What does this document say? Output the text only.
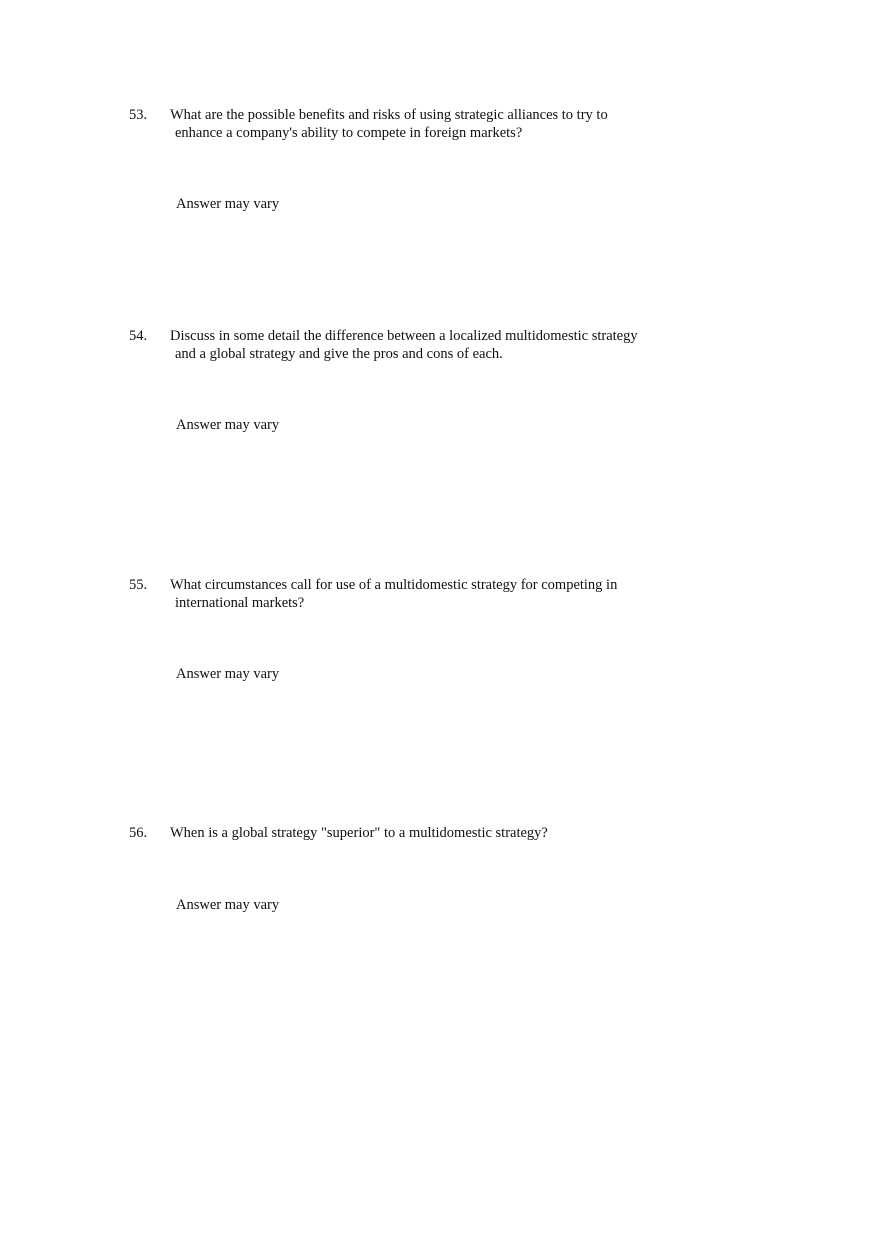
53. What are the possible benefits and risks of using strategic alliances to try to
enhance a company's ability to compete in foreign markets?
Answer may vary
54. Discuss in some detail the difference between a localized multidomestic strategy
and a global strategy and give the pros and cons of each.
Answer may vary
55. What circumstances call for use of a multidomestic strategy for competing in
international markets?
Answer may vary
56. When is a global strategy "superior" to a multidomestic strategy?
Answer may vary
